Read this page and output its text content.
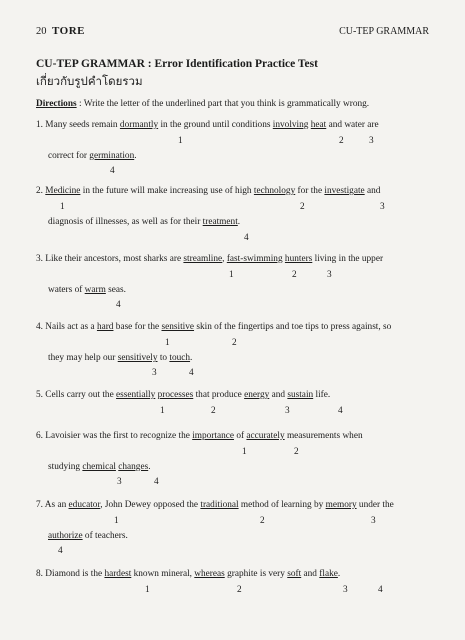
20 TORE	CU-TEP GRAMMAR
CU-TEP GRAMMAR : Error Identification Practice Test
เกี่ยวกับรูปคำโดยรวม
Directions : Write the letter of the underlined part that you think is grammatically wrong.
1. Many seeds remain dormantly in the ground until conditions involving heat and water are
1	2	3
correct for germination.
4
2. Medicine in the future will make increasing use of high technology for the investigate and
1	2	3
diagnosis of illnesses, as well as for their treatment.
4
3. Like their ancestors, most sharks are streamline, fast-swimming hunters living in the upper
1	2	3
waters of warm seas.
4
4. Nails act as a hard base for the sensitive skin of the fingertips and toe tips to press against, so
1	2
they may help our sensitively to touch.
3	4
5. Cells carry out the essentially processes that produce energy and sustain life.
1	2	3	4
6. Lavoisier was the first to recognize the importance of accurately measurements when
1	2
studying chemical changes.
3	4
7. As an educator, John Dewey opposed the traditional method of learning by memory under the
1	2	3
authorize of teachers.
4
8. Diamond is the hardest known mineral, whereas graphite is very soft and flake.
1	2	3	4
